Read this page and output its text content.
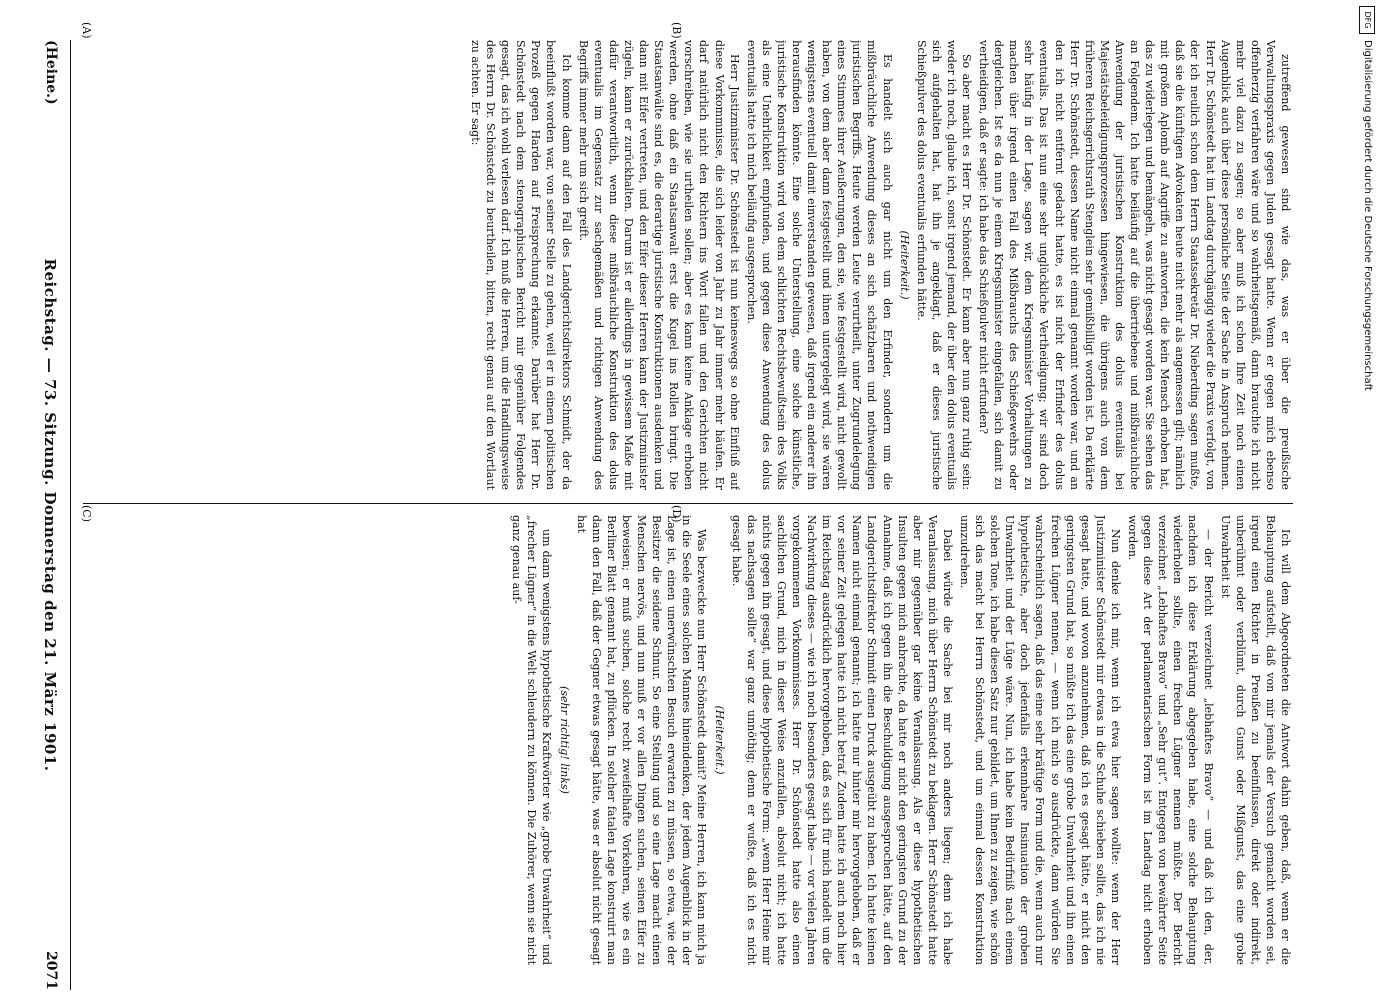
DFG
Digitalisierung gefördert durch die Deutsche Forschungsgemeinschaft
(Heine.)
Reichstag. — 73. Sitzung. Donnerstag den 21. März 1901.
2071

zutreffend gewesen sind wie das, was er über die preußische Verwaltungspraxis gegen Juden gesagt hatte. Wenn er gegen mich ebenso offenherzig verfahren wäre und so wahrheitsgemäß, dann brauchte ich nicht mehr viel dazu zu sagen; so aber muß ich schon Ihre Zeit noch einen Augenblick auch über diese persönliche Seite der Sache in Anspruch nehmen. Herr Dr. Schönstedt hat im Landtag durchgängig wieder die Praxis verfolgt, von der ich neulich schon dem Herrn Staatssekretär Dr. Nieberding sagen mußte, daß sie die künftigen Advokaten heute nicht mehr als angemessen gilt; nämlich mit großem Aplomb auf Angriffe zu antworten, die kein Mensch erhoben hat, das zu widerlegen und bemängeln, was nicht gesagt worden war. Sie sehen das an Folgendem. Ich hatte beiläufig auf die übertriebene und mißbräuchliche Anwendung der juristischen Konstruktion des dolus eventualis bei Majestätsbeleidigungsprozessen hingewiesen, die übrigens auch von dem früheren Reichsgerichtsrath Stenglein sehr gemißbilligt worden ist. Da erklärte Herr Dr. Schönstedt, dessen Name nicht einmal genannt worden war, und an den ich nicht entfernt gedacht hatte, es ist nicht der Erfinder des dolus eventualis. Das ist nun eine sehr unglückliche Vertheidigung; wir sind doch sehr häufig in der Lage, sagen wir, dem Kriegsminister Vorhaltungen zu machen über irgend einen Fall des Mißbrauchs des Schießgewehrs oder dergleichen. Ist es da nun je einem Kriegsminister eingefallen, sich damit zu vertheidigen, daß er sagte: ich habe das Schießpulver nicht erfunden?

So aber macht es Herr Dr. Schönstedt. Er kann aber nun ganz ruhig sein: weder ich noch, glaube ich, sonst irgend jemand, der über den dolus eventualis sich aufgehalten hat, hat ihn je angeklagt, daß er dieses juristische Schießpulver des dolus eventualis erfunden hätte.

(Heiterkeit.)

Es handelt sich auch gar nicht um den Erfinder, sondern um die mißbräuchliche Anwendung dieses an sich schätzbaren und nothwendigen juristischen Begriffs. Heute werden Leute verurtheilt, unter Zugrundelegung eines Stimmes ihrer Aeußerungen, den sie, wie festgestellt wird, nicht gewollt haben, von dem aber dann festgestellt und ihnen untergelegt wird, sie wären wenigstens eventuell damit einverstanden gewesen, daß irgend ein anderer ihn herausfinden könnte. Eine solche Unterstellung, eine solche künstliche, juristische Konstruktion wird von dem schlichten Rechtsbewußtsein des Volks als eine Unehrlichkeit empfunden, und gegen diese Anwendung des dolus eventualis hatte ich mich beiläufig ausgesprochen.

Herr Justizminister Dr. Schönstedt ist nun keineswegs so ohne Einfluß auf diese Vorkommnisse, die sich leider von Jahr zu Jahr immer mehr häufen. Er darf natürlich nicht den Richtern ins Wort fallen und den Gerichten nicht vorschreiben, wie sie urtheilen sollen; aber es kann keine Anklage erhoben werden, ohne daß ein Staatsanwalt erst die Kugel ins Rollen bringt. Die Staatsanwälte sind es, die derartige juristische Konstruktionen ausdenken und dann mit Eifer vertreten, und den Eifer dieser Herren kann der Justizminister zügeln, kann er zurückhalten. Darum ist er allerdings in gewissem Maße mit dafür verantwortlich, wenn diese mißbräuchliche Konstruktion des dolus eventualis im Gegensatz zur sachgemäßen und richtigen Anwendung des Begriffs immer mehr um sich greift.

Ich komme dann auf den Fall des Landgerichtsdirektors Schmidt, der da beeinflußt worden war, von seiner Stelle zu gehen, weil er in einem politischen Prozeß gegen Harden auf Freisprechung erkannte. Darüber hat Herr Dr. Schönstedt nach dem stenographischen Bericht mir gegenüber Folgendes gesagt, das ich wohl verlesen darf. Ich muß die Herren, um die Handlungsweise des Herrn Dr. Schönstedt zu beurtheilen, bitten, recht genau auf den Wortlaut zu achten. Er sagt:

Ich will dem Abgeordneten die Antwort dahin geben, daß, wenn er die Behauptung aufstellt, daß von mir jemals der Versuch gemacht worden sei, irgend einen Richter in Preußen zu beeinflussen, direkt oder indirekt, unberühmt oder verblümt, durch Gunst oder Mißgunst, das eine grobe Unwahrheit ist

— der Bericht verzeichnet „lebhaftes Bravo“ — und daß ich den, der, nachdem ich diese Erklärung abgegeben habe, eine solche Behauptung wiederholen sollte, einen frechen Lügner nennen müßte. Der Bericht verzeichnet „Lebhaftes Bravo“ und „Sehr gut“. Entgegen von bewährter Seite gegen diese Art der parlamentarischen Form ist im Landtag nicht erhoben worden.

Nun denke ich mir, wenn ich etwa hier sagen wollte: wenn der Herr Justizminister Schönstedt mir etwas in die Schuhe schieben sollte, das ich nie gesagt hatte, und wovon anzunehmen, daß ich es gesagt hätte, er nicht den geringsten Grund hat, so müßte ich das eine grobe Unwahrheit und ihn einen frechen Lügner nennen, — wenn ich mich so ausdrückte, dann würden Sie wahrscheinlich sagen, daß das eine sehr kräftige Form und die, wenn auch nur hypothetische, aber doch jedenfalls erkennbare Insinuation der groben Unwahrheit und der Lüge wäre. Nun, ich habe kein Bedürfniß nach einem solchen Tone, ich habe diesen Satz nur gebildet, um Ihnen zu zeigen, wie schön sich das macht bei Herrn Schönstedt, und um einmal dessen Konstruktion umzudrehen.

Dabei würde die Sache bei mir noch anders liegen; denn ich habe Veranlassung, mich über Herrn Schönstedt zu beklagen. Herr Schönstedt hatte aber mir gegenüber gar keine Veranlassung. Als er diese hypothetischen Insulten gegen mich anbrachte, da hatte er nicht den geringsten Grund zu der Annahme, daß ich gegen ihn die Beschuldigung ausgesprochen hätte, auf den Landgerichtsdirektor Schmidt einen Druck ausgeübt zu haben. Ich hatte keinen Namen nicht einmal genannt; ich hatte nur hinter mir hervorgehoben, daß er vor seiner Zeit gelegen hatte ich nicht betraf. Zudem hatte ich auch noch hier im Reichstag ausdrücklich hervorgehoben, daß es sich für mich handelt um die Nachwirkung dieses — wie ich noch besonders gesagt habe — vor vielen Jahren vorgekommenen Vorkommnisses. Herr Dr. Schönstedt hatte also einen sachlichen Grund, mich in dieser Weise anzufallen, absolut nicht; ich hatte nichts gegen ihn gesagt, und diese hypothetische Form: „wenn Herr Heine mir das nachsagen sollte“ war ganz unnöthig; denn er wußte, daß ich es nicht gesagt habe.

(Heiterkeit.)

Was bezweckte nun Herr Schönstedt damit? Meine Herren, ich kann mich ja in die Seele eines solchen Mannes hineindenken, der jedem Augenblick in der Lage ist, einen unerwünschten Besuch erwarten zu müssen, so etwa, wie der Besitzer die seidene Schnur. So eine Stellung und so eine Lage macht einen Menschen nervös, und nun muß er vor allen Dingen suchen, seinen Eifer zu beweisen; er muß suchen, solche recht zweifelhafte Vorkehren, wie es ein Berliner Blatt genannt hat, zu pflücken. In solcher fatalen Lage konstruirt man dann den Fall, daß der Gegner etwas gesagt hätte, was er absolut nicht gesagt hat

(sehr richtig! links)

um dann wenigstens hypothetische Kraftwörter wie „grobe Unwahrheit“ und „frecher Lügner“ in die Welt schleudern zu können. Die Zuhörer, wenn sie nicht ganz genau auf-

(A)	(B)
(C)	(D)
